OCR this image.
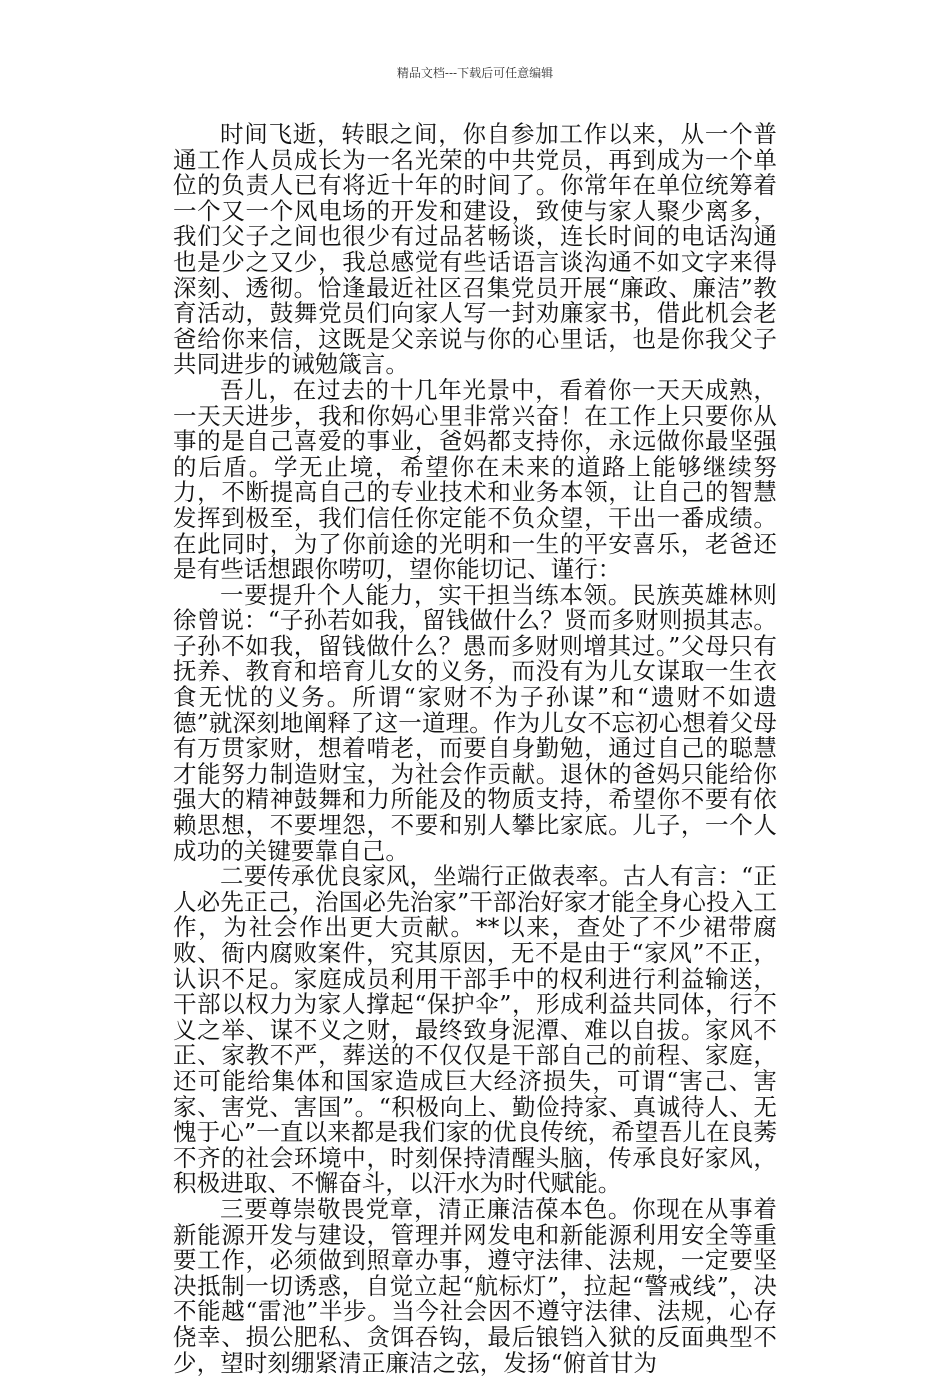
精品文档---下载后可任意编辑

时间飞逝，转眼之间，你自参加工作以来，从一个普通工作人员成长为一名光荣的中共党员，再到成为一个单位的负责人已有将近十年的时间了。你常年在单位统筹着一个又一个风电场的开发和建设，致使与家人聚少离多，我们父子之间也很少有过品茗畅谈，连长时间的电话沟通也是少之又少，我总感觉有些话语言谈沟通不如文字来得深刻、透彻。恰逢最近社区召集党员开展“廉政、廉洁”教育活动，鼓舞党员们向家人写一封劝廉家书，借此机会老爸给你来信，这既是父亲说与你的心里话，也是你我父子共同进步的诫勉箴言。

吾儿，在过去的十几年光景中，看着你一天天成熟，一天天进步，我和你妈心里非常兴奋！在工作上只要你从事的是自己喜爱的事业，爸妈都支持你，永远做你最坚强的后盾。学无止境，希望你在未来的道路上能够继续努力，不断提高自己的专业技术和业务本领，让自己的智慧发挥到极至，我们信任你定能不负众望，干出一番成绩。在此同时，为了你前途的光明和一生的平安喜乐，老爸还是有些话想跟你唠叨，望你能切记、谨行：

一要提升个人能力，实干担当练本领。民族英雄林则徐曾说：“子孙若如我，留钱做什么？贤而多财则损其志。子孙不如我，留钱做什么？愚而多财则增其过。”父母只有抚养、教育和培育儿女的义务，而没有为儿女谋取一生衣食无忧的义务。所谓“家财不为子孙谋”和“遗财不如遗德”就深刻地阐释了这一道理。作为儿女不忘初心想着父母有万贯家财，想着啃老，而要自身勤勉，通过自己的聪慧才能努力制造财宝，为社会作贡献。退休的爸妈只能给你强大的精神鼓舞和力所能及的物质支持，希望你不要有依赖思想，不要埋怨，不要和别人攀比家底。儿子，一个人成功的关键要靠自己。

二要传承优良家风，坐端行正做表率。古人有言：“正人必先正己，治国必先治家”干部治好家才能全身心投入工作，为社会作出更大贡献。**以来，查处了不少裙带腐败、衙内腐败案件，究其原因，无不是由于“家风”不正，认识不足。家庭成员利用干部手中的权利进行利益输送，干部以权力为家人撑起“保护伞”，形成利益共同体，行不义之举、谋不义之财，最终致身泥潭、难以自拔。家风不正、家教不严，葬送的不仅仅是干部自己的前程、家庭，还可能给集体和国家造成巨大经济损失，可谓“害己、害家、害党、害国”。“积极向上、勤俭持家、真诚待人、无愧于心”一直以来都是我们家的优良传统，希望吾儿在良莠不齐的社会环境中，时刻保持清醒头脑，传承良好家风，积极进取、不懈奋斗，以汗水为时代赋能。

三要尊崇敬畏党章，清正廉洁葆本色。你现在从事着新能源开发与建设，管理并网发电和新能源利用安全等重要工作，必须做到照章办事，遵守法律、法规，一定要坚决抵制一切诱惑，自觉立起“航标灯”，拉起“警戒线”，决不能越“雷池”半步。当今社会因不遵守法律、法规，心存侥幸、损公肥私、贪饵吞钩，最后锒铛入狱的反面典型不少，望时刻绷紧清正廉洁之弦，发扬“俯首甘为
